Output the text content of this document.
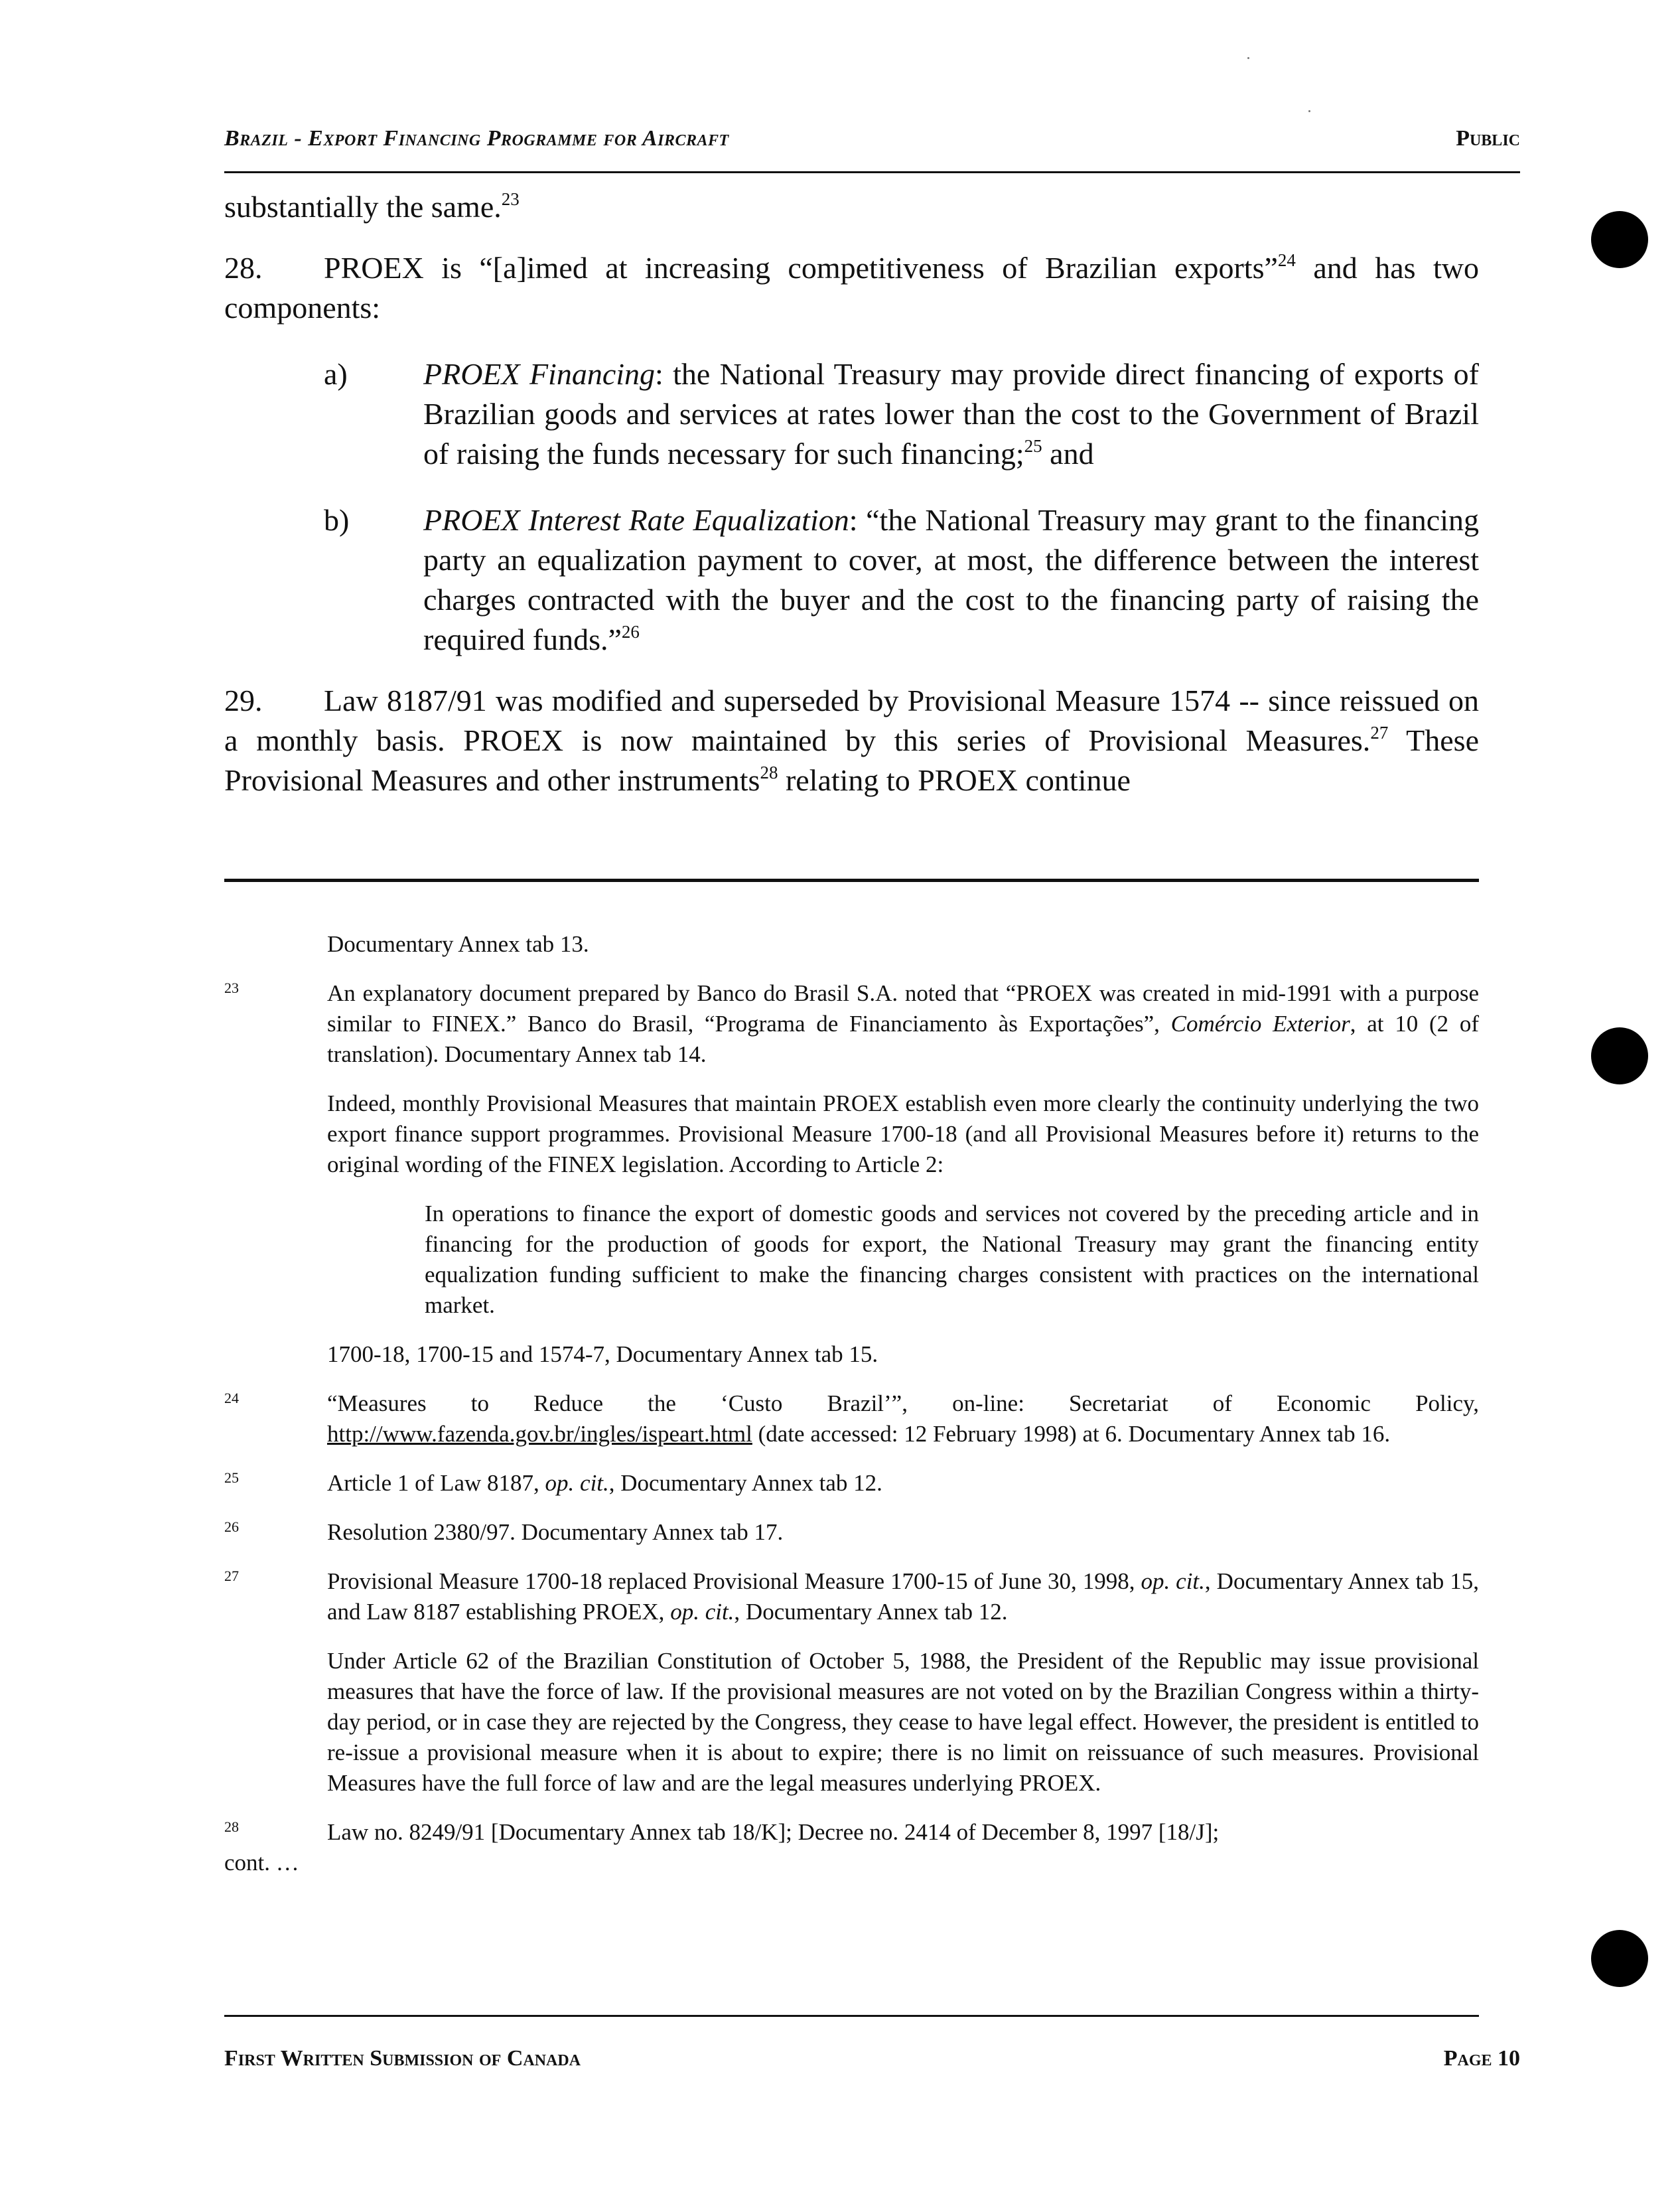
Brazil - Export Financing Programme for Aircraft	Public

substantially the same.$^{23}$

28. PROEX is “[a]imed at increasing competitiveness of Brazilian exports”$^{24}$ and has two components:

a) PROEX Financing: the National Treasury may provide direct financing of exports of Brazilian goods and services at rates lower than the cost to the Government of Brazil of raising the funds necessary for such financing;$^{25}$ and

b) PROEX Interest Rate Equalization: “the National Treasury may grant to the financing party an equalization payment to cover, at most, the difference between the interest charges contracted with the buyer and the cost to the financing party of raising the required funds.”$^{26}$

29. Law 8187/91 was modified and superseded by Provisional Measure 1574 -- since reissued on a monthly basis. PROEX is now maintained by this series of Provisional Measures.$^{27}$ These Provisional Measures and other instruments$^{28}$ relating to PROEX continue

Documentary Annex tab 13.

23	An explanatory document prepared by Banco do Brasil S.A. noted that “PROEX was created in mid-1991 with a purpose similar to FINEX.” Banco do Brasil, “Programa de Financiamento às Exportações”, Comércio Exterior, at 10 (2 of translation). Documentary Annex tab 14.

Indeed, monthly Provisional Measures that maintain PROEX establish even more clearly the continuity underlying the two export finance support programmes. Provisional Measure 1700-18 (and all Provisional Measures before it) returns to the original wording of the FINEX legislation. According to Article 2:

In operations to finance the export of domestic goods and services not covered by the preceding article and in financing for the production of goods for export, the National Treasury may grant the financing entity equalization funding sufficient to make the financing charges consistent with practices on the international market.

1700-18, 1700-15 and 1574-7, Documentary Annex tab 15.

24	“Measures to Reduce the ‘Custo Brazil’”, on-line: Secretariat of Economic Policy, http://www.fazenda.gov.br/ingles/ispeart.html (date accessed: 12 February 1998) at 6. Documentary Annex tab 16.
25	Article 1 of Law 8187, op. cit., Documentary Annex tab 12.
26	Resolution 2380/97. Documentary Annex tab 17.
27	Provisional Measure 1700-18 replaced Provisional Measure 1700-15 of June 30, 1998, op. cit., Documentary Annex tab 15, and Law 8187 establishing PROEX, op. cit., Documentary Annex tab 12.

Under Article 62 of the Brazilian Constitution of October 5, 1988, the President of the Republic may issue provisional measures that have the force of law. If the provisional measures are not voted on by the Brazilian Congress within a thirty-day period, or in case they are rejected by the Congress, they cease to have legal effect. However, the president is entitled to re-issue a provisional measure when it is about to expire; there is no limit on reissuance of such measures. Provisional Measures have the full force of law and are the legal measures underlying PROEX.

28	Law no. 8249/91 [Documentary Annex tab 18/K]; Decree no. 2414 of December 8, 1997 [18/J];

cont. …

First Written Submission of Canada	Page 10
